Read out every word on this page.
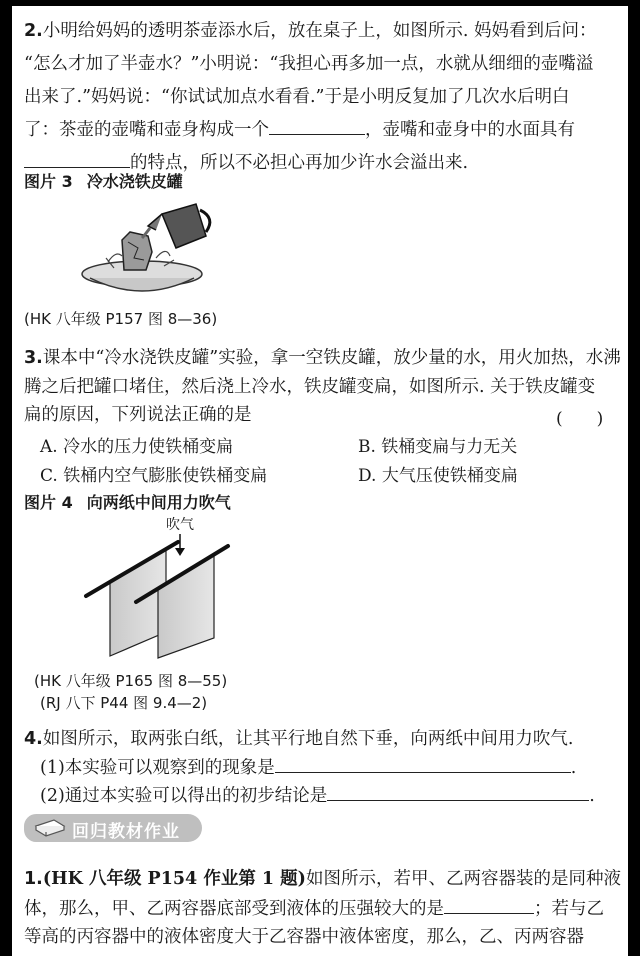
2.小明给妈妈的透明茶壶添水后，放在桌子上，如图所示. 妈妈看到后问：
“怎么才加了半壶水？”小明说：“我担心再多加一点，水就从细细的壶嘴溢
出来了.”妈妈说：“你试试加点水看看.”于是小明反复加了几次水后明白
了：茶壶的壶嘴和壶身构成一个	，壶嘴和壶身中的水面具有
的特点，所以不必担心再加少许水会溢出来.
图片 3 冷水浇铁皮罐
(HK 八年级 P157 图 8—36)
3.课本中“冷水浇铁皮罐”实验，拿一空铁皮罐，放少量的水，用火加热，水沸
腾之后把罐口堵住，然后浇上冷水，铁皮罐变扁，如图所示. 关于铁皮罐变
扁的原因，下列说法正确的是	(　　)
A. 冷水的压力使铁桶变扁	B. 铁桶变扁与力无关
C. 铁桶内空气膨胀使铁桶变扁	D. 大气压使铁桶变扁
图片 4 向两纸中间用力吹气
吹气
(HK 八年级 P165 图 8—55)
(RJ 八下 P44 图 9.4—2)
4.如图所示，取两张白纸，让其平行地自然下垂，向两纸中间用力吹气.
(1)本实验可以观察到的现象是	.
(2)通过本实验可以得出的初步结论是	.
回归教材作业
1.(HK 八年级 P154 作业第 1 题)如图所示，若甲、乙两容器装的是同种液
体，那么，甲、乙两容器底部受到液体的压强较大的是	；若与乙
等高的丙容器中的液体密度大于乙容器中液体密度，那么，乙、丙两容器
